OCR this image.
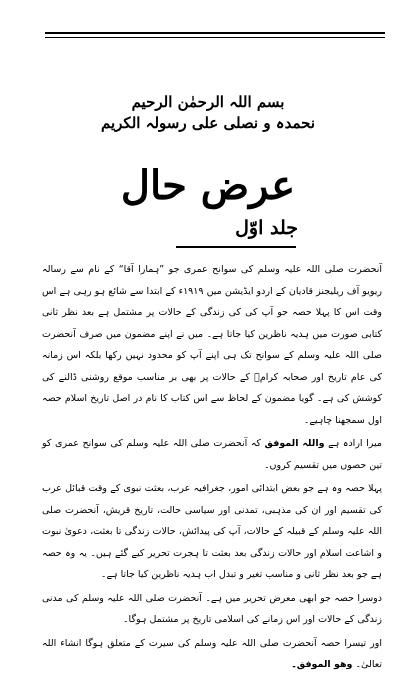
بسم اللہ الرحمٰن الرحیم
نحمدہ و نصلی علی رسولہ الکریم
عرض حال
جلد اوّل

آنحضرت صلی اللہ علیہ وسلم کی سوانح عمری جو ”ہمارا آقا“ کے نام سے رسالہ ریویو آف ریلیجنز قادیان کے اردو ایڈیشن میں ۱۹۱۹ء کے ابتدا سے شائع ہو رہی ہے اس وقت اس کا پہلا حصہ جو آپ کی کی زندگی کے حالات پر مشتمل ہے بعد نظر ثانی کتابی صورت میں ہدیہ ناظرین کیا جاتا ہے۔ میں نے اپنے مضمون میں صرف آنحضرت صلی اللہ علیہ وسلم کے سوانح تک ہی اپنے آپ کو محدود نہیں رکھا بلکہ اس زمانہ کی عام تاریخ اور صحابہ کرامؓ کے حالات پر بھی بر مناسب موقع روشنی ڈالنے کی کوشش کی ہے۔ گویا مضمون کے لحاظ سے اس کتاب کا نام در اصل تاریخ اسلام حصہ اول سمجھنا چاہیے۔

میرا ارادہ ہے واللہ الموفق کہ آنحضرت صلی اللہ علیہ وسلم کی سوانح عمری کو تین حصوں میں تقسیم کروں۔

پہلا حصہ وہ ہے جو بعض ابتدائی امور، جغرافیہ عرب، بعثت نبوی کے وقت قبائل عرب کی تقسیم اور ان کی مذہبی، تمدنی اور سیاسی حالت، تاریخ قریش، آنحضرت صلی اللہ علیہ وسلم کے قبیلہ کے حالات، آپ کی پیدائش، حالات زندگی تا بعثت، دعویٰ نبوت و اشاعت اسلام اور حالات زندگی بعد بعثت تا ہجرت تحریر کیے گئے ہیں۔ یہ وہ حصہ ہے جو بعد نظر ثانی و مناسب تغیر و تبدل اب ہدیہ ناظرین کیا جاتا ہے۔

دوسرا حصہ جو ابھی معرض تحریر میں ہے۔ آنحضرت صلی اللہ علیہ وسلم کی مدنی زندگی کے حالات اور اس زمانے کی اسلامی تاریخ پر مشتمل ہوگا۔

اور تیسرا حصہ آنحضرت صلی اللہ علیہ وسلم کی سیرت کے متعلق ہوگا انشاء اللہ تعالیٰ۔ وھو الموفق۔
